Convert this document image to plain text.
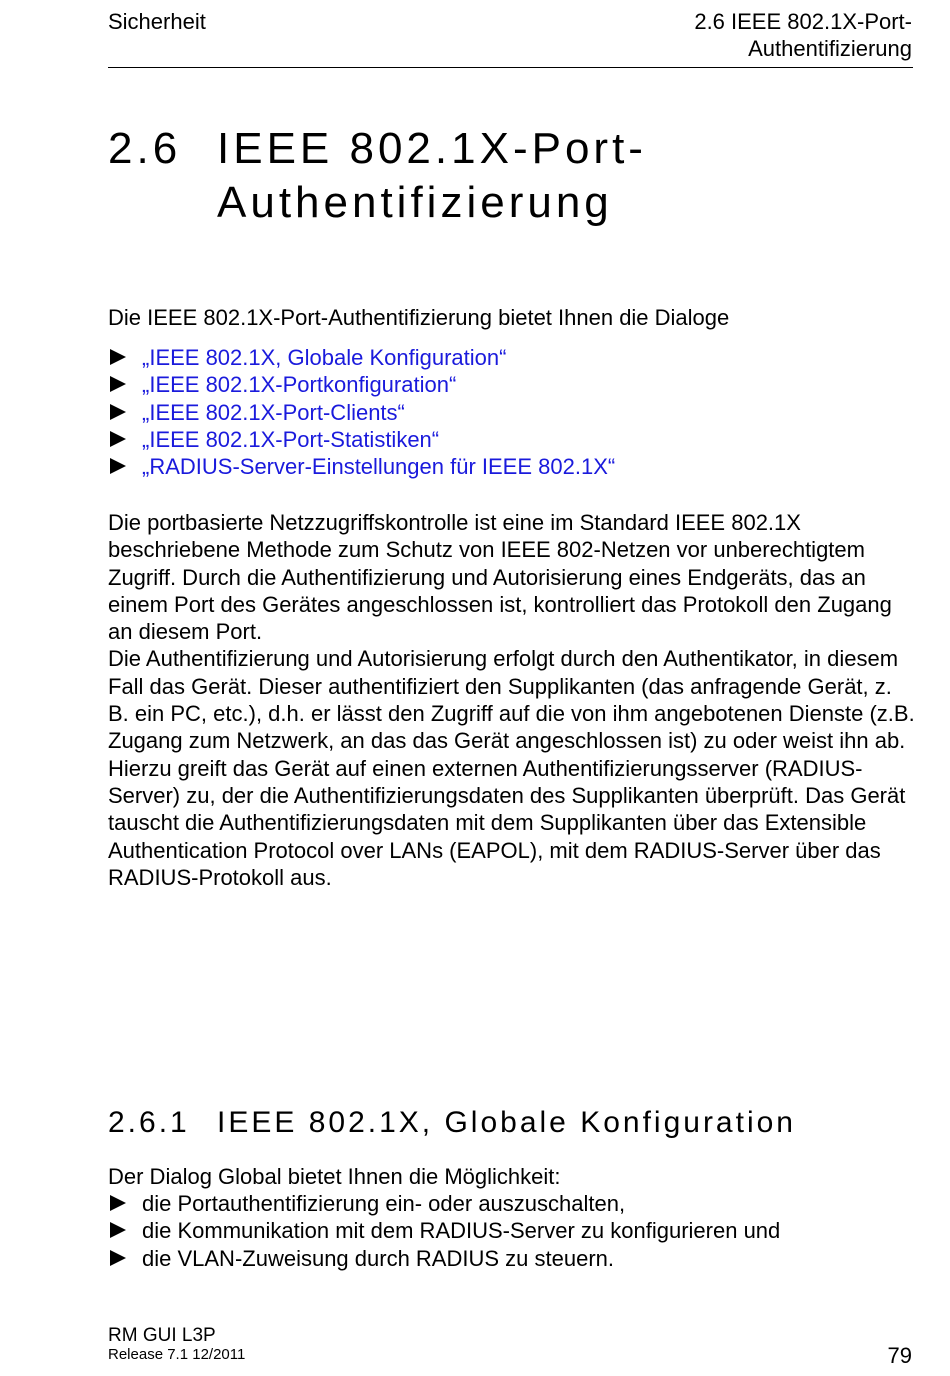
Sicherheit	2.6 IEEE 802.1X-Port-
Authentifizierung
2.6 IEEE 802.1X-Port-
Authentifizierung
Die IEEE 802.1X-Port-Authentifizierung bietet Ihnen die Dialoge
„IEEE 802.1X, Globale Konfiguration“
„IEEE 802.1X-Portkonfiguration“
„IEEE 802.1X-Port-Clients“
„IEEE 802.1X-Port-Statistiken“
„RADIUS-Server-Einstellungen für IEEE 802.1X“

Die portbasierte Netzzugriffskontrolle ist eine im Standard IEEE 802.1X beschriebene Methode zum Schutz von IEEE 802-Netzen vor unberechtigtem Zugriff. Durch die Authentifizierung und Autorisierung eines Endgeräts, das an einem Port des Gerätes angeschlossen ist, kontrolliert das Protokoll den Zugang an diesem Port.

Die Authentifizierung und Autorisierung erfolgt durch den Authentikator, in diesem Fall das Gerät. Dieser authentifiziert den Supplikanten (das anfragende Gerät, z. B. ein PC, etc.), d.h. er lässt den Zugriff auf die von ihm angebotenen Dienste (z.B. Zugang zum Netzwerk, an das das Gerät angeschlossen ist) zu oder weist ihn ab. Hierzu greift das Gerät auf einen externen Authentifizierungsserver (RADIUS-Server) zu, der die Authentifizierungsdaten des Supplikanten überprüft. Das Gerät tauscht die Authentifizierungsdaten mit dem Supplikanten über das Extensible Authentication Protocol over LANs (EAPOL), mit dem RADIUS-Server über das RADIUS-Protokoll aus.

2.6.1 IEEE 802.1X, Globale Konfiguration
Der Dialog Global bietet Ihnen die Möglichkeit:
die Portauthentifizierung ein- oder auszuschalten,
die Kommunikation mit dem RADIUS-Server zu konfigurieren und
die VLAN-Zuweisung durch RADIUS zu steuern.
RM GUI L3P
Release 7.1 12/2011	79
